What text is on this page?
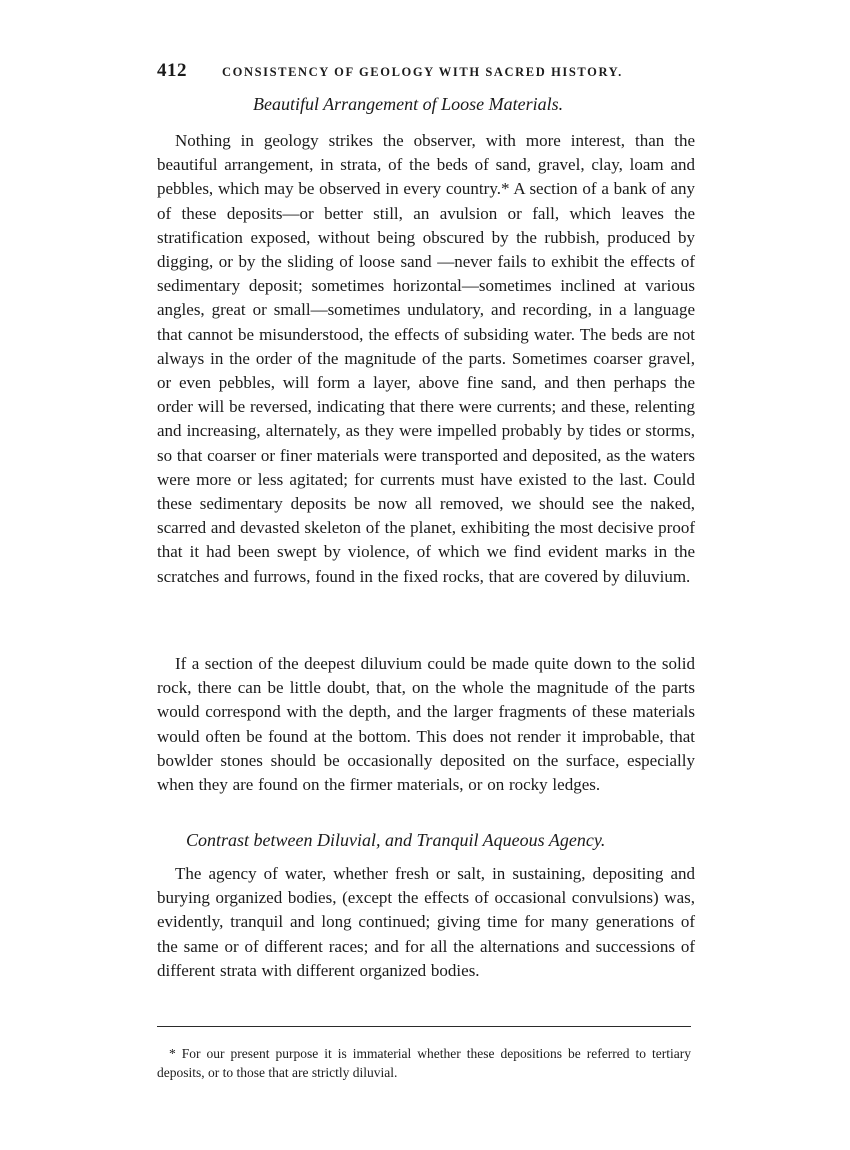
412	CONSISTENCY OF GEOLOGY WITH SACRED HISTORY.
Beautiful Arrangement of Loose Materials.

Nothing in geology strikes the observer, with more interest, than the beautiful arrangement, in strata, of the beds of sand, gravel, clay, loam and pebbles, which may be observed in every country.* A section of a bank of any of these deposits—or better still, an avulsion or fall, which leaves the stratification exposed, without being obscured by the rubbish, produced by digging, or by the sliding of loose sand —never fails to exhibit the effects of sedimentary deposit; sometimes horizontal—sometimes inclined at various angles, great or small—sometimes undulatory, and recording, in a language that cannot be misunderstood, the effects of subsiding water. The beds are not always in the order of the magnitude of the parts. Sometimes coarser gravel, or even pebbles, will form a layer, above fine sand, and then perhaps the order will be reversed, indicating that there were currents; and these, relenting and increasing, alternately, as they were impelled probably by tides or storms, so that coarser or finer materials were transported and deposited, as the waters were more or less agitated; for currents must have existed to the last. Could these sedimentary deposits be now all removed, we should see the naked, scarred and devasted skeleton of the planet, exhibiting the most decisive proof that it had been swept by violence, of which we find evident marks in the scratches and furrows, found in the fixed rocks, that are covered by diluvium.

If a section of the deepest diluvium could be made quite down to the solid rock, there can be little doubt, that, on the whole the magnitude of the parts would correspond with the depth, and the larger fragments of these materials would often be found at the bottom. This does not render it improbable, that bowlder stones should be occasionally deposited on the surface, especially when they are found on the firmer materials, or on rocky ledges.

Contrast between Diluvial, and Tranquil Aqueous Agency.

The agency of water, whether fresh or salt, in sustaining, depositing and burying organized bodies, (except the effects of occasional convulsions) was, evidently, tranquil and long continued; giving time for many generations of the same or of different races; and for all the alternations and successions of different strata with different organized bodies.

* For our present purpose it is immaterial whether these depositions be referred to tertiary deposits, or to those that are strictly diluvial.
